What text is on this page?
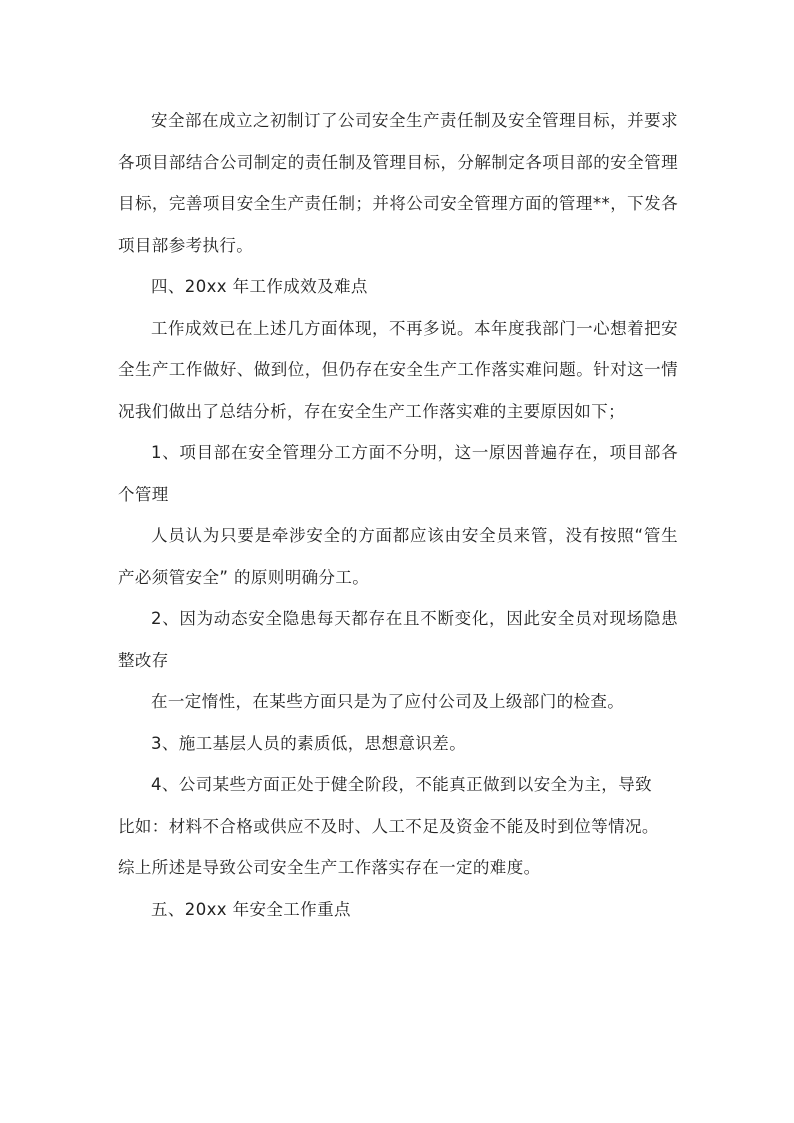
安全部在成立之初制订了公司安全生产责任制及安全管理目标，并要求各项目部结合公司制定的责任制及管理目标，分解制定各项目部的安全管理目标，完善项目安全生产责任制；并将公司安全管理方面的管理**，下发各项目部参考执行。

四、20xx 年工作成效及难点

工作成效已在上述几方面体现，不再多说。本年度我部门一心想着把安全生产工作做好、做到位，但仍存在安全生产工作落实难问题。针对这一情况我们做出了总结分析，存在安全生产工作落实难的主要原因如下；

1、项目部在安全管理分工方面不分明，这一原因普遍存在，项目部各个管理

人员认为只要是牵涉安全的方面都应该由安全员来管，没有按照“管生产必须管安全” 的原则明确分工。

2、因为动态安全隐患每天都存在且不断变化，因此安全员对现场隐患整改存

在一定惰性，在某些方面只是为了应付公司及上级部门的检查。

3、施工基层人员的素质低，思想意识差。

4、公司某些方面正处于健全阶段，不能真正做到以安全为主，导致

比如：材料不合格或供应不及时、人工不足及资金不能及时到位等情况。

综上所述是导致公司安全生产工作落实存在一定的难度。

五、20xx 年安全工作重点
